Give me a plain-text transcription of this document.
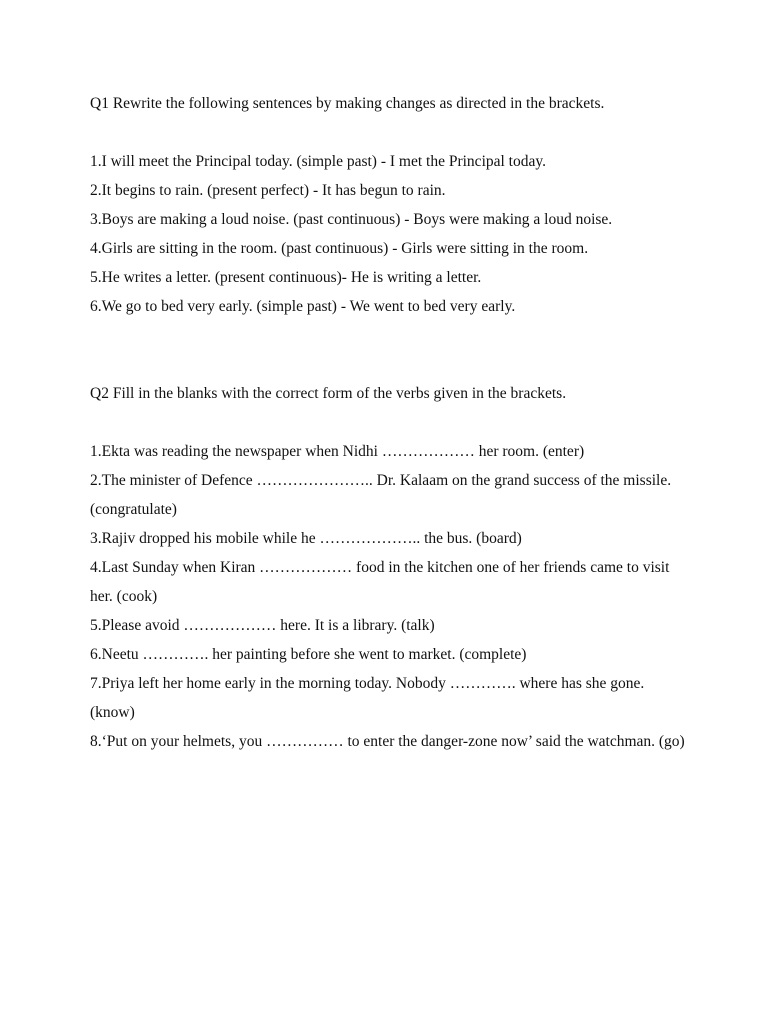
Q1 Rewrite the following sentences by making changes as directed in the brackets.

1.I will meet the Principal today. (simple past) - I met the Principal today.
2.It begins to rain. (present perfect) - It has begun to rain.
3.Boys are making a loud noise. (past continuous) - Boys were making a loud noise.
4.Girls are sitting in the room. (past continuous) - Girls were sitting in the room.
5.He writes a letter. (present continuous)- He is writing a letter.
6.We go to bed very early. (simple past) - We went to bed very early.

Q2 Fill in the blanks with the correct form of the verbs given in the brackets.

1.Ekta was reading the newspaper when Nidhi ……………… her room. (enter)
2.The minister of Defence ………………….. Dr. Kalaam on the grand success of the missile. (congratulate)
3.Rajiv dropped his mobile while he ……………….. the bus. (board)
4.Last Sunday when Kiran ……………… food in the kitchen one of her friends came to visit her. (cook)
5.Please avoid ……………… here. It is a library. (talk)
6.Neetu …………. her painting before she went to market. (complete)
7.Priya left her home early in the morning today. Nobody …………. where has she gone. (know)
8.‘Put on your helmets, you …………… to enter the danger-zone now’ said the watchman. (go)
